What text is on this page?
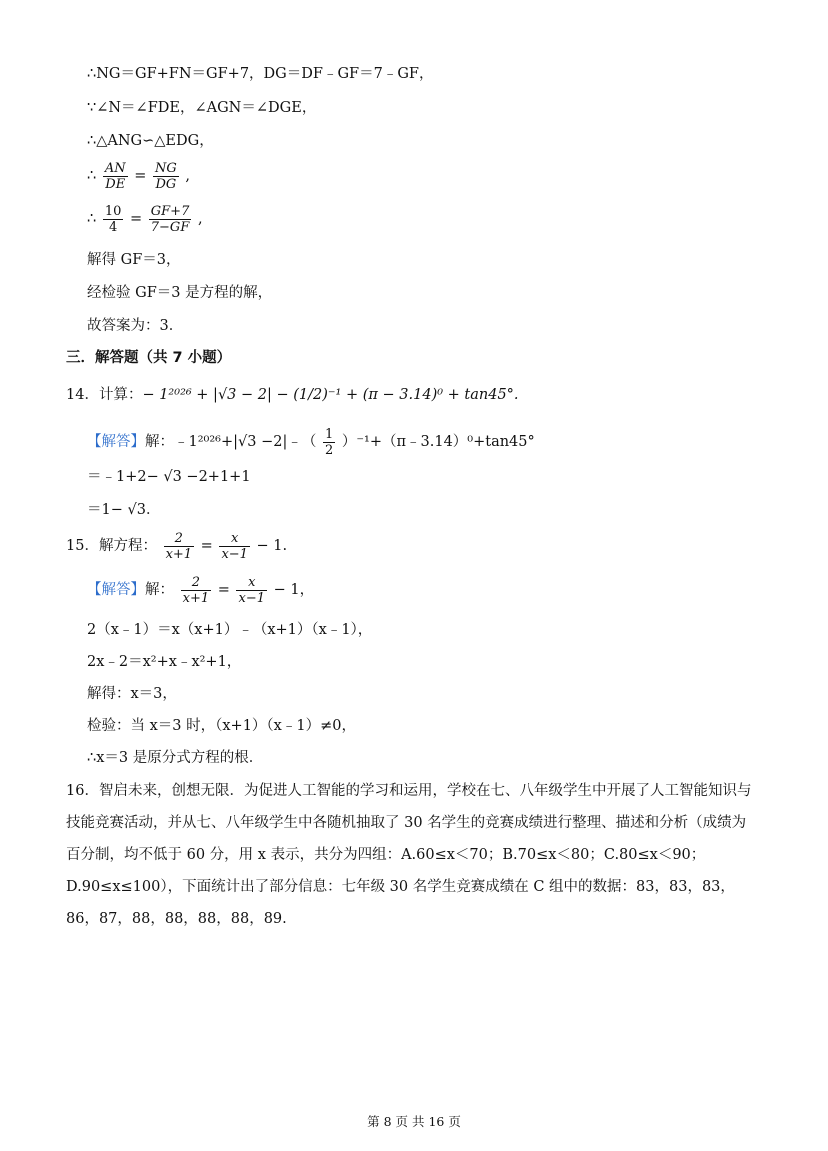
∴NG＝GF+FN＝GF+7，DG＝DF﹣GF＝7﹣GF，
∵∠N＝∠FDE，∠AGN＝∠DGE，
∴△ANG∽△EDG，
∴ $\frac{AN}{DE} = \frac{NG}{DG}$ ,
∴ $\frac{10}{4} = \frac{GF+7}{7-GF}$ ,
解得 GF＝3，
经检验 GF＝3 是方程的解，
故答案为：3．
三．解答题（共 7 小题）
14．计算：− 1²⁰²⁶ + |√3 − 2| − (1/2)⁻¹ + (π − 3.14)⁰ + tan45°.
【解答】解：﹣1²⁰²⁶+|√3 −2|﹣（ $\frac{1}{2}$ ）⁻¹+（π﹣3.14）⁰+tan45°
＝﹣1+2− √3 −2+1+1
＝1− √3．
15．解方程： $\frac{2}{x+1} = \frac{x}{x-1} - 1$.
【解答】解： $\frac{2}{x+1} = \frac{x}{x-1} - 1$，
2（x﹣1）＝x（x+1）﹣（x+1）（x﹣1），
2x﹣2＝x²+x﹣x²+1，
解得：x＝3，
检验：当 x＝3 时，（x+1）（x﹣1）≠0，
∴x＝3 是原分式方程的根．
16．智启未来，创想无限．为促进人工智能的学习和运用，学校在七、八年级学生中开展了人工智能知识与技能竞赛活动，并从七、八年级学生中各随机抽取了 30 名学生的竞赛成绩进行整理、描述和分析（成绩为百分制，均不低于 60 分，用 x 表示，共分为四组：A.60≤x＜70；B.70≤x＜80；C.80≤x＜90；D.90≤x≤100），下面统计出了部分信息：七年级 30 名学生竞赛成绩在 C 组中的数据：83，83，83，86，87，88，88，88，88，89.
第 8 页 共 16 页
